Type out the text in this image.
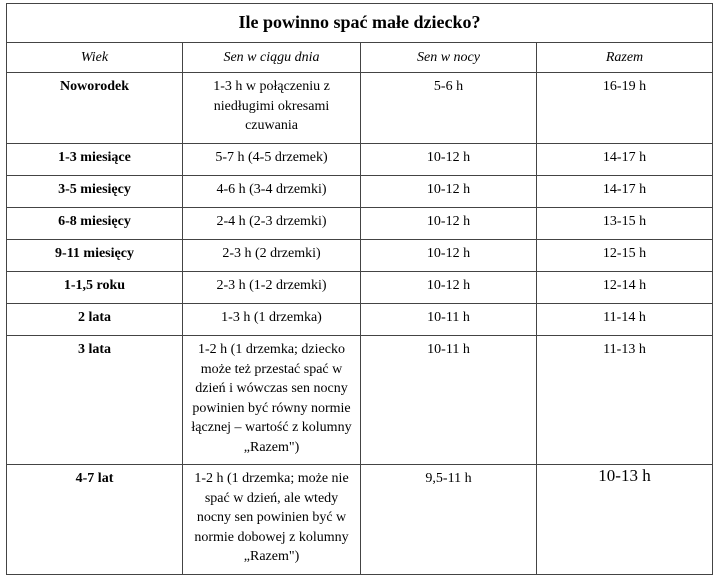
Ile powinno spać małe dziecko?			
Wiek	Sen w ciągu dnia	Sen w nocy	Razem
Noworodek	1-3 h w połączeniu z niedługimi okresami czuwania	5-6 h	16-19 h
1-3 miesiące	5-7 h (4-5 drzemek)	10-12 h	14-17 h
3-5 miesięcy	4-6 h (3-4 drzemki)	10-12 h	14-17 h
6-8 miesięcy	2-4 h (2-3 drzemki)	10-12 h	13-15 h
9-11 miesięcy	2-3 h (2 drzemki)	10-12 h	12-15 h
1-1,5 roku	2-3 h (1-2 drzemki)	10-12 h	12-14 h
2 lata	1-3 h (1 drzemka)	10-11 h	11-14 h
3 lata	1-2 h (1 drzemka; dziecko może też przestać spać w dzień i wówczas sen nocny powinien być równy normie łącznej – wartość z kolumny „Razem")	10-11 h	11-13 h
4-7 lat	1-2 h (1 drzemka; może nie spać w dzień, ale wtedy nocny sen powinien być w normie dobowej z kolumny „Razem")	9,5-11 h	10-13 h
